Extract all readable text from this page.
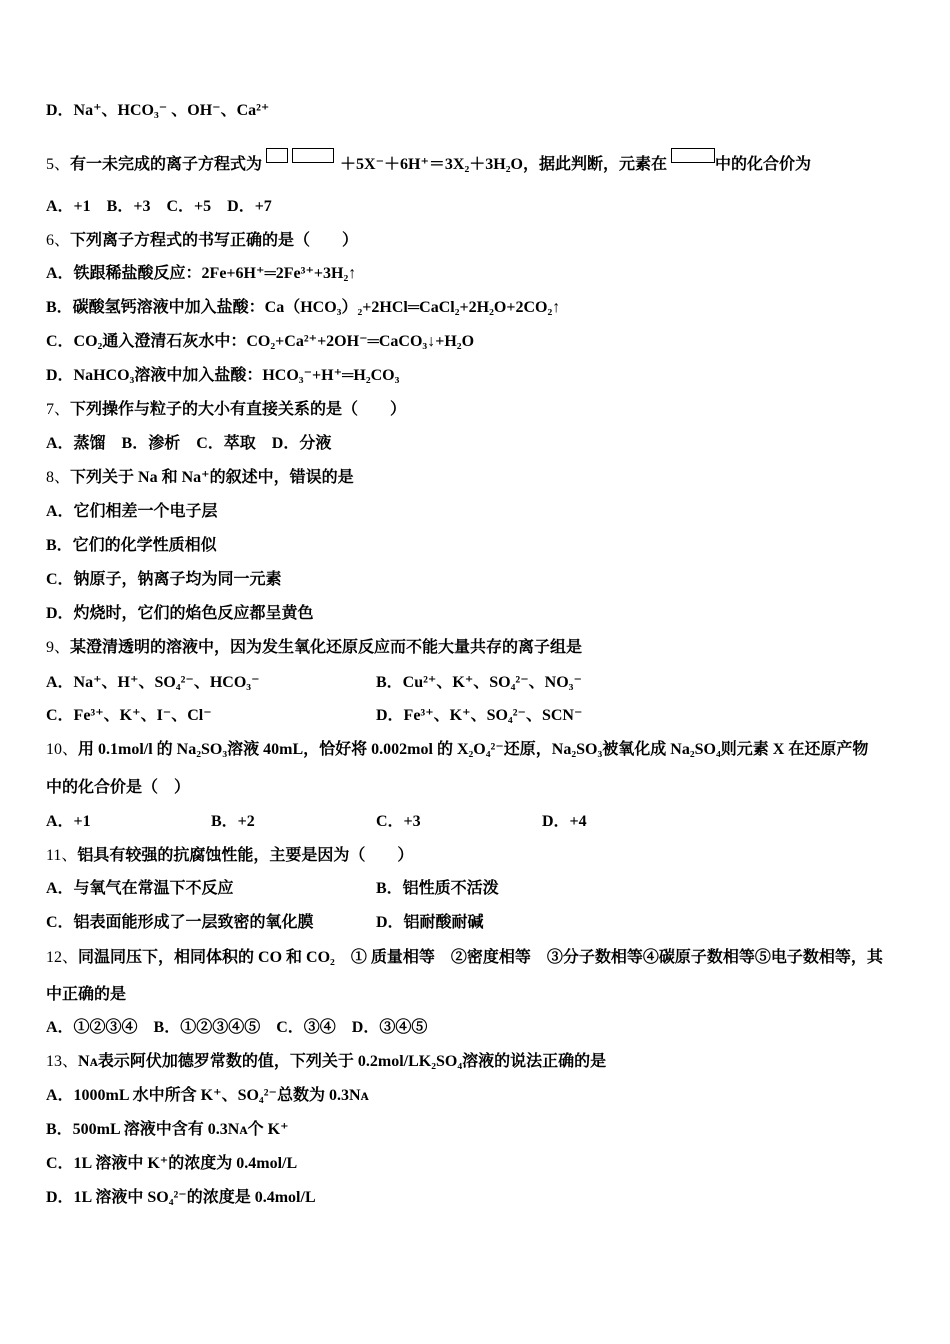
D．Na⁺、HCO₃⁻ 、OH⁻、Ca²⁺
5、有一未完成的离子方程式为	＋5X⁻＋6H⁺＝3X₂＋3H₂O，据此判断，元素在	中的化合价为
A．+1　B．+3　C．+5　D．+7
6、下列离子方程式的书写正确的是（　　）
A．铁跟稀盐酸反应：2Fe+6H⁺═2Fe³⁺+3H₂↑
B．碳酸氢钙溶液中加入盐酸：Ca（HCO₃）₂+2HCl═CaCl₂+2H₂O+2CO₂↑
C．CO₂通入澄清石灰水中：CO₂+Ca²⁺+2OH⁻═CaCO₃↓+H₂O
D．NaHCO₃溶液中加入盐酸：HCO₃⁻+H⁺═H₂CO₃
7、下列操作与粒子的大小有直接关系的是（　　）
A．蒸馏　B．渗析　C．萃取　D．分液
8、下列关于 Na 和 Na⁺的叙述中，错误的是
A．它们相差一个电子层
B．它们的化学性质相似
C．钠原子，钠离子均为同一元素
D．灼烧时，它们的焰色反应都呈黄色
9、某澄清透明的溶液中，因为发生氧化还原反应而不能大量共存的离子组是
A．Na⁺、H⁺、SO₄²⁻、HCO₃⁻	B．Cu²⁺、K⁺、SO₄²⁻、NO₃⁻
C．Fe³⁺、K⁺、I⁻、Cl⁻	D．Fe³⁺、K⁺、SO₄²⁻、SCN⁻
10、用 0.1mol/l 的 Na₂SO₃溶液 40mL，恰好将 0.002mol 的 X₂O₄²⁻还原，Na₂SO₃被氧化成 Na₂SO₄则元素 X 在还原产物
中的化合价是（　）
A．+1	B．+2	C．+3	D．+4
11、铝具有较强的抗腐蚀性能，主要是因为（　　）
A．与氧气在常温下不反应	B．铝性质不活泼
C．铝表面能形成了一层致密的氧化膜	D．铝耐酸耐碱
12、同温同压下，相同体积的 CO 和 CO₂　① 质量相等　②密度相等　③分子数相等④碳原子数相等⑤电子数相等，其
中正确的是
A．①②③④　B．①②③④⑤　C．③④　D．③④⑤
13、Nᴀ表示阿伏加德罗常数的值，下列关于 0.2mol/LK₂SO₄溶液的说法正确的是
A．1000mL 水中所含 K⁺、SO₄²⁻总数为 0.3Nᴀ
B．500mL 溶液中含有 0.3Nᴀ个 K⁺
C．1L 溶液中 K⁺的浓度为 0.4mol/L
D．1L 溶液中 SO₄²⁻的浓度是 0.4mol/L
